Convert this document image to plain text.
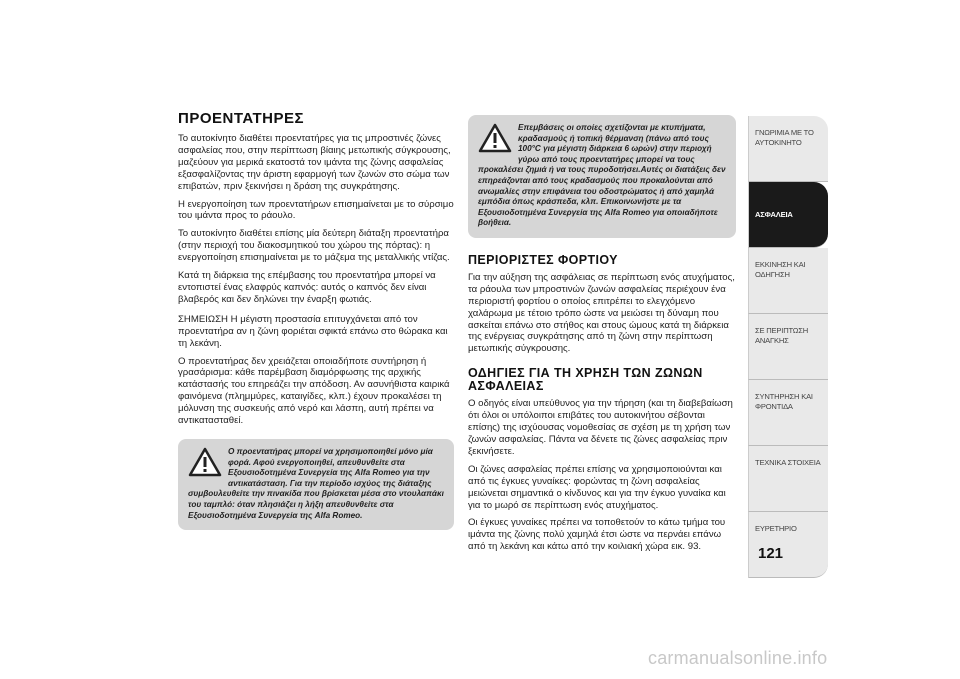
ΠΡΟΕΝΤΑΤΗΡΕΣ

Το αυτοκίνητο διαθέτει προεντατήρες για τις μπροστινές ζώνες ασφαλείας που, στην περίπτωση βίαιης μετωπικής σύγκρουσης, μαζεύουν για μερικά εκατοστά τον ιμάντα της ζώνης ασφαλείας εξασφαλίζοντας την άριστη εφαρμογή των ζωνών στο σώμα των επιβατών, πριν ξεκινήσει η δράση της συγκράτησης.

Η ενεργοποίηση των προεντατήρων επισημαίνεται με το σύρσιμο του ιμάντα προς το ράουλο.

Το αυτοκίνητο διαθέτει επίσης μία δεύτερη διάταξη προεντατήρα (στην περιοχή του διακοσμητικού του χώρου της πόρτας): η ενεργοποίηση επισημαίνεται με το μάζεμα της μεταλλικής ντίζας.

Κατά τη διάρκεια της επέμβασης του προεντατήρα μπορεί να εντοπιστεί ένας ελαφρύς καπνός: αυτός ο καπνός δεν είναι βλαβερός και δεν δηλώνει την έναρξη φωτιάς.

ΣΗΜΕΙΩΣΗ Η μέγιστη προστασία επιτυγχάνεται από τον προεντατήρα αν η ζώνη φοριέται σφικτά επάνω στο θώρακα και τη λεκάνη.

Ο προεντατήρας δεν χρειάζεται οποιαδήποτε συντήρηση ή γρασάρισμα: κάθε παρέμβαση διαμόρφωσης της αρχικής κατάστασής του επηρεάζει την απόδοση. Αν ασυνήθιστα καιρικά φαινόμενα (πλημμύρες, καταιγίδες, κλπ.) έχουν προκαλέσει τη μόλυνση της συσκευής από νερό και λάσπη, αυτή πρέπει να αντικατασταθεί.

Ο προεντατήρας μπορεί να χρησιμοποιηθεί μόνο μία φορά. Αφού ενεργοποιηθεί, απευθυνθείτε στα Εξουσιοδοτημένα Συνεργεία της Alfa Romeo για την αντικατάσταση. Για την περίοδο ισχύος της διάταξης συμβουλευθείτε την πινακίδα που βρίσκεται μέσα στο ντουλαπάκι του ταμπλό: όταν πλησιάζει η λήξη απευθυνθείτε στα Εξουσιοδοτημένα Συνεργεία της Alfa Romeo.

Επεμβάσεις οι οποίες σχετίζονται με κτυπήματα, κραδασμούς ή τοπική θέρμανση (πάνω από τους 100°C για μέγιστη διάρκεια 6 ωρών) στην περιοχή γύρω από τους προεντατήρες μπορεί να τους προκαλέσει ζημιά ή να τους πυροδοτήσει.Αυτές οι διατάξεις δεν επηρεάζονται από τους κραδασμούς που προκαλούνται από ανωμαλίες στην επιφάνεια του οδοστρώματος ή από χαμηλά εμπόδια όπως κράσπεδα, κλπ. Επικοινωνήστε με τα Εξουσιοδοτημένα Συνεργεία της Alfa Romeo για οποιαδήποτε βοήθεια.

ΠΕΡΙΟΡΙΣΤΕΣ ΦΟΡΤΙΟΥ

Για την αύξηση της ασφάλειας σε περίπτωση ενός ατυχήματος, τα ράουλα των μπροστινών ζωνών ασφαλείας περιέχουν ένα περιοριστή φορτίου ο οποίος επιτρέπει το ελεγχόμενο χαλάρωμα με τέτοιο τρόπο ώστε να μειώσει τη δύναμη που ασκείται επάνω στο στήθος και στους ώμους κατά τη διάρκεια της ενέργειας συγκράτησης από τη ζώνη στην περίπτωση μετωπικής σύγκρουσης.

ΟΔΗΓΙΕΣ ΓΙΑ ΤΗ ΧΡΗΣΗ ΤΩΝ ΖΩΝΩΝ ΑΣΦΑΛΕΙΑΣ

Ο οδηγός είναι υπεύθυνος για την τήρηση (και τη διαβεβαίωση ότι όλοι οι υπόλοιποι επιβάτες του αυτοκινήτου σέβονται επίσης) της ισχύουσας νομοθεσίας σε σχέση με τη χρήση των ζωνών ασφαλείας. Πάντα να δένετε τις ζώνες ασφαλείας πριν ξεκινήσετε.

Οι ζώνες ασφαλείας πρέπει επίσης να χρησιμοποιούνται και από τις έγκυες γυναίκες: φορώντας τη ζώνη ασφαλείας μειώνεται σημαντικά ο κίνδυνος και για την έγκυο γυναίκα και για το μωρό σε περίπτωση ενός ατυχήματος.

Οι έγκυες γυναίκες πρέπει να τοποθετούν το κάτω τμήμα του ιμάντα της ζώνης πολύ χαμηλά έτσι ώστε να περνάει επάνω από τη λεκάνη και κάτω από την κοιλιακή χώρα εικ. 93.

ΓΝΩΡΙΜΙΑ ΜΕ ΤΟ ΑΥΤΟΚΙΝΗΤΟ
ΑΣΦΑΛΕΙΑ
ΕΚΚΙΝΗΣΗ ΚΑΙ ΟΔΗΓΗΣΗ
ΣΕ ΠΕΡΙΠΤΩΣΗ ΑΝΑΓΚΗΣ
ΣΥΝΤΗΡΗΣΗ ΚΑΙ ΦΡΟΝΤΙΔΑ
ΤΕΧΝΙΚΑ ΣΤΟΙΧΕΙΑ
ΕΥΡΕΤΗΡΙΟ
121
carmanualsonline.info
